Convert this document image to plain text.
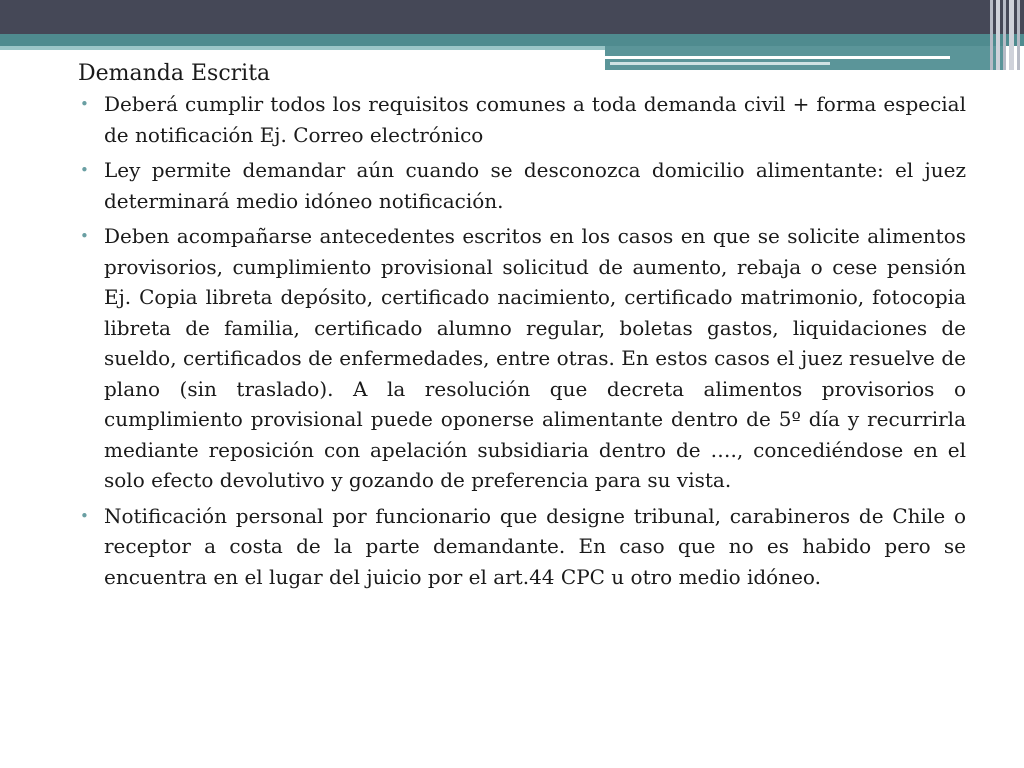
Demanda Escrita
• Deberá cumplir todos los requisitos comunes a toda demanda civil + forma especial de notificación Ej. Correo electrónico
• Ley permite demandar aún cuando se desconozca domicilio alimentante: el juez determinará medio idóneo notificación.
• Deben acompañarse antecedentes escritos en los casos en que se solicite alimentos provisorios, cumplimiento provisional solicitud de aumento, rebaja o cese pensión Ej. Copia libreta depósito, certificado nacimiento, certificado matrimonio, fotocopia libreta de familia, certificado alumno regular, boletas gastos, liquidaciones de sueldo, certificados de enfermedades, entre otras. En estos casos el juez resuelve de plano (sin traslado). A la resolución que decreta alimentos provisorios o cumplimiento provisional puede oponerse alimentante dentro de 5º día y recurrirla mediante reposición con apelación subsidiaria dentro de …., concediéndose en el solo efecto devolutivo y gozando de preferencia para su vista.
• Notificación personal por funcionario que designe tribunal, carabineros de Chile o receptor a costa de la parte demandante. En caso que no es habido pero se encuentra en el lugar del juicio por el art.44 CPC u otro medio idóneo.
